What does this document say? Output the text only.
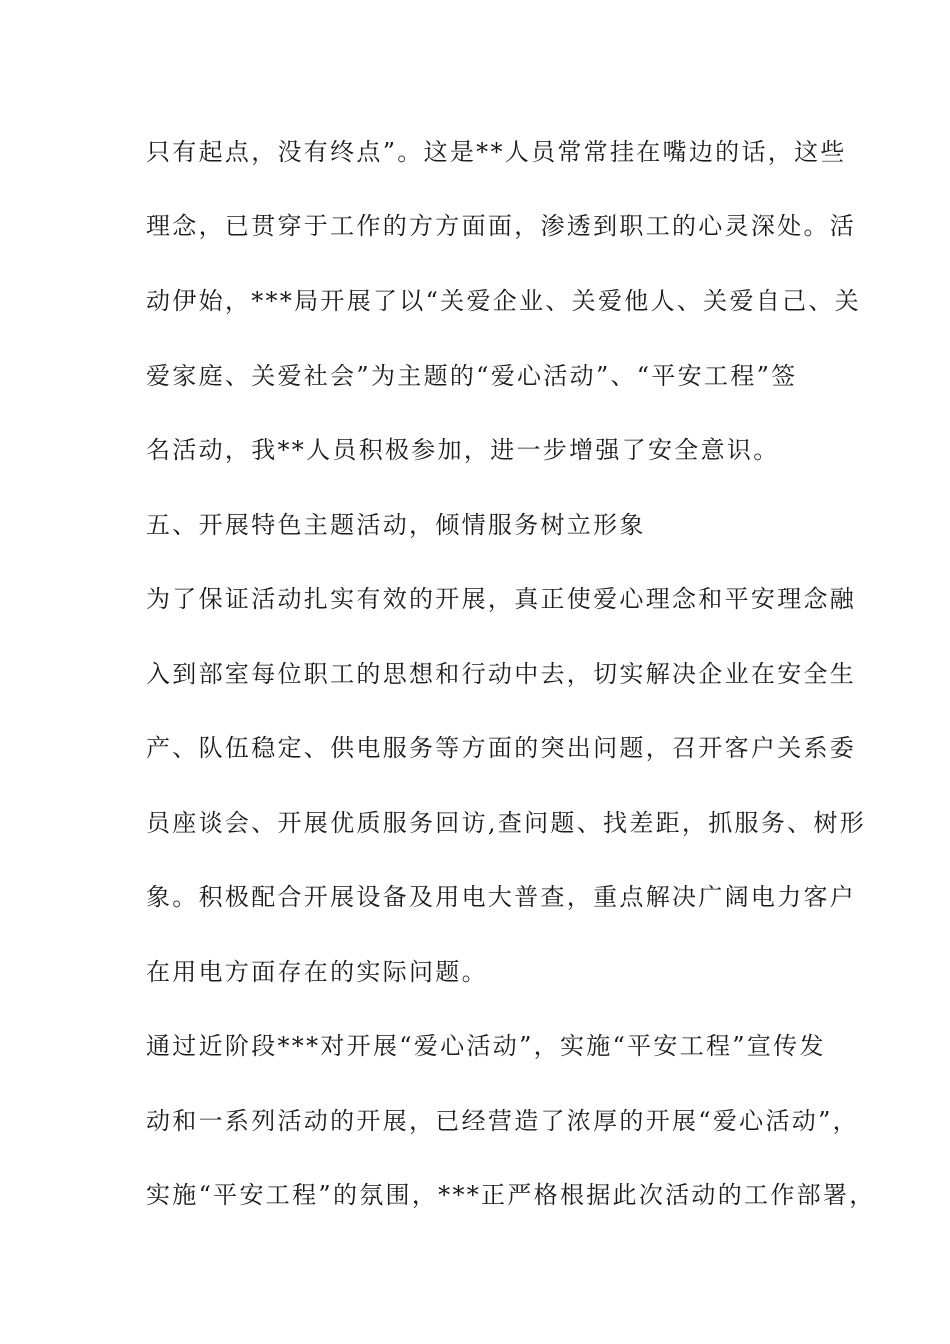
只有起点，没有终点”。这是**人员常常挂在嘴边的话，这些
理念，已贯穿于工作的方方面面，渗透到职工的心灵深处。活
动伊始，***局开展了以“关爱企业、关爱他人、关爱自己、关
爱家庭、关爱社会”为主题的“爱心活动”、“平安工程”签
名活动，我**人员积极参加，进一步增强了安全意识。
五、开展特色主题活动，倾情服务树立形象
为了保证活动扎实有效的开展，真正使爱心理念和平安理念融
入到部室每位职工的思想和行动中去，切实解决企业在安全生
产、队伍稳定、供电服务等方面的突出问题，召开客户关系委
员座谈会、开展优质服务回访,查问题、找差距，抓服务、树形
象。积极配合开展设备及用电大普查，重点解决广阔电力客户
在用电方面存在的实际问题。
通过近阶段***对开展“爱心活动”，实施“平安工程”宣传发
动和一系列活动的开展，已经营造了浓厚的开展“爱心活动”，
实施“平安工程”的氛围，***正严格根据此次活动的工作部署，
